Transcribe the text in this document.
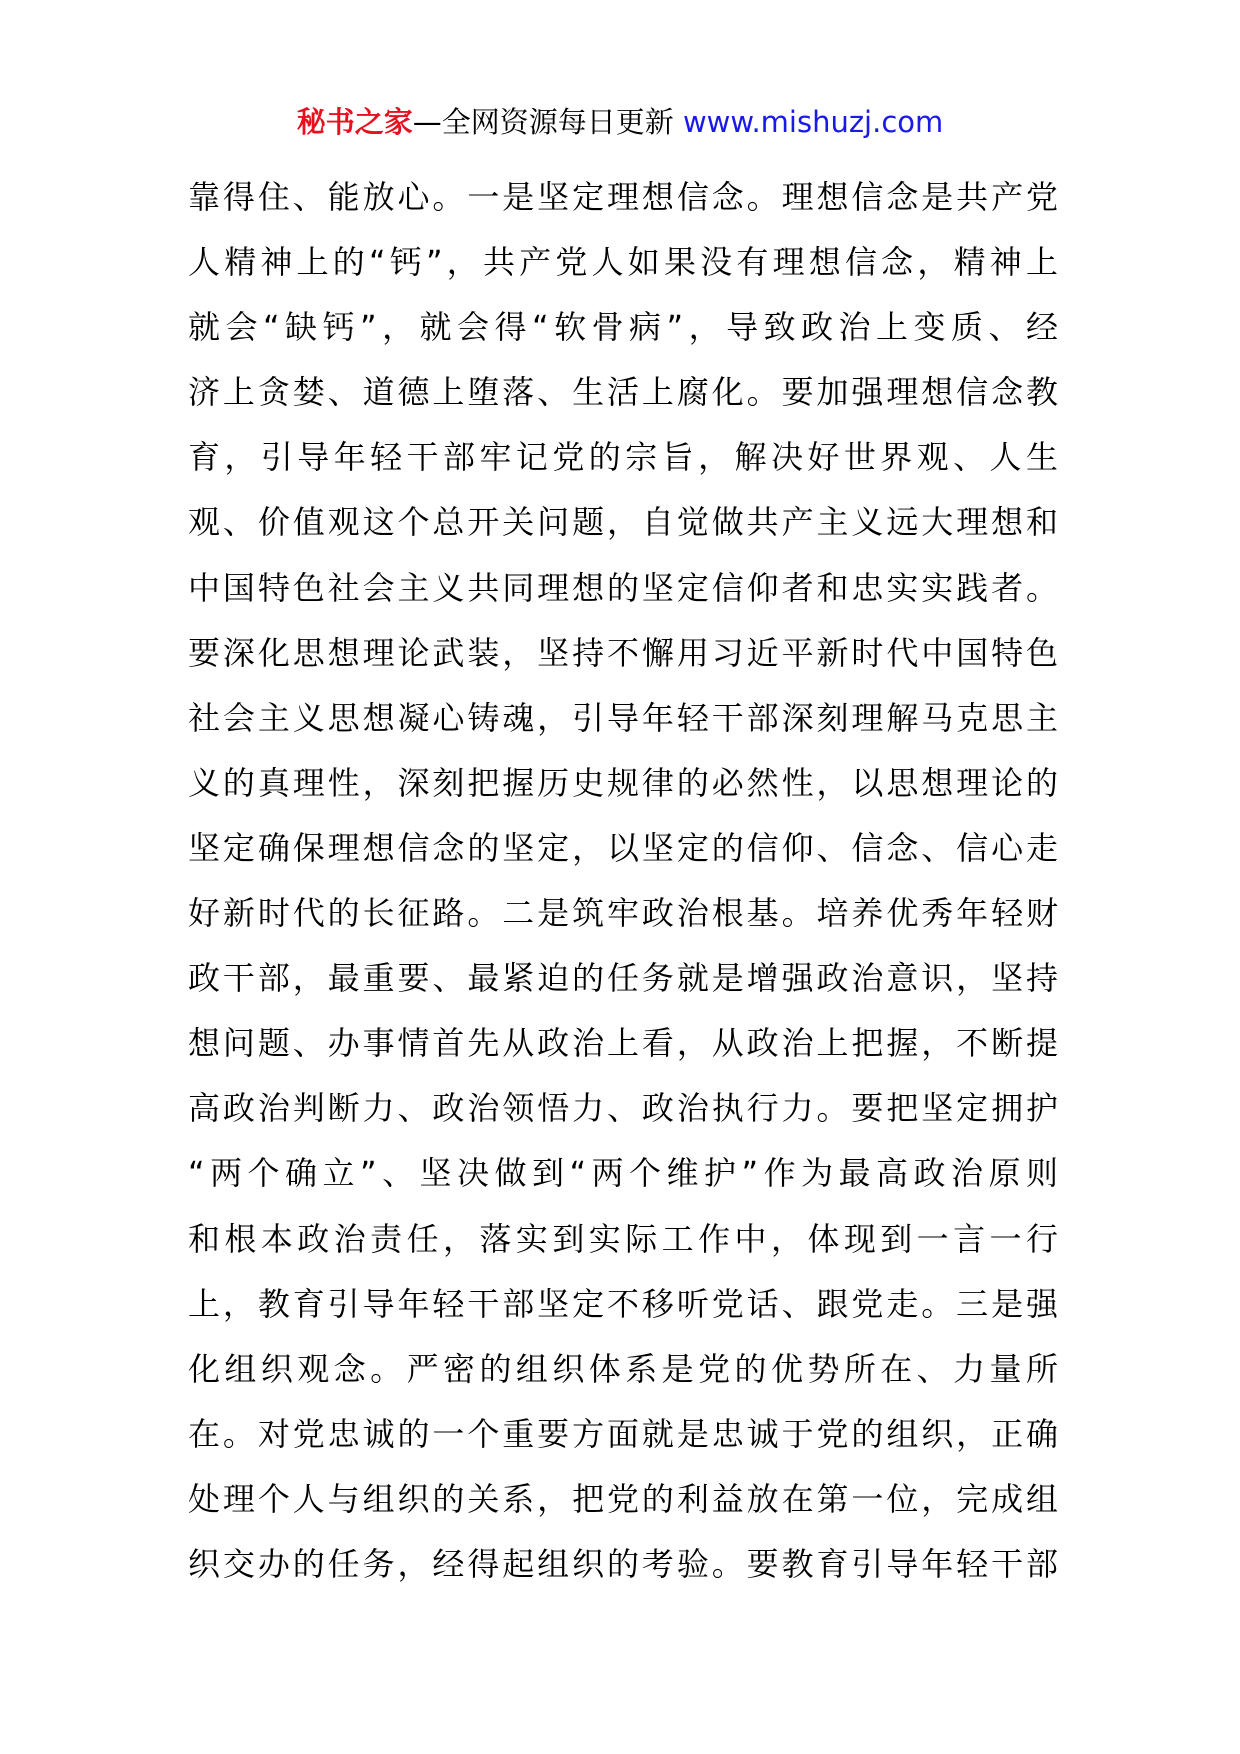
秘书之家—全网资源每日更新 www.mishuzj.com
靠得住、能放心。一是坚定理想信念。理想信念是共产党
人精神上的“钙”，共产党人如果没有理想信念，精神上
就会“缺钙”，就会得“软骨病”，导致政治上变质、经
济上贪婪、道德上堕落、生活上腐化。要加强理想信念教
育，引导年轻干部牢记党的宗旨，解决好世界观、人生
观、价值观这个总开关问题，自觉做共产主义远大理想和
中国特色社会主义共同理想的坚定信仰者和忠实实践者。
要深化思想理论武装，坚持不懈用习近平新时代中国特色
社会主义思想凝心铸魂，引导年轻干部深刻理解马克思主
义的真理性，深刻把握历史规律的必然性，以思想理论的
坚定确保理想信念的坚定，以坚定的信仰、信念、信心走
好新时代的长征路。二是筑牢政治根基。培养优秀年轻财
政干部，最重要、最紧迫的任务就是增强政治意识，坚持
想问题、办事情首先从政治上看，从政治上把握，不断提
高政治判断力、政治领悟力、政治执行力。要把坚定拥护
“两个确立”、坚决做到“两个维护”作为最高政治原则
和根本政治责任，落实到实际工作中，体现到一言一行
上，教育引导年轻干部坚定不移听党话、跟党走。三是强
化组织观念。严密的组织体系是党的优势所在、力量所
在。对党忠诚的一个重要方面就是忠诚于党的组织，正确
处理个人与组织的关系，把党的利益放在第一位，完成组
织交办的任务，经得起组织的考验。要教育引导年轻干部
